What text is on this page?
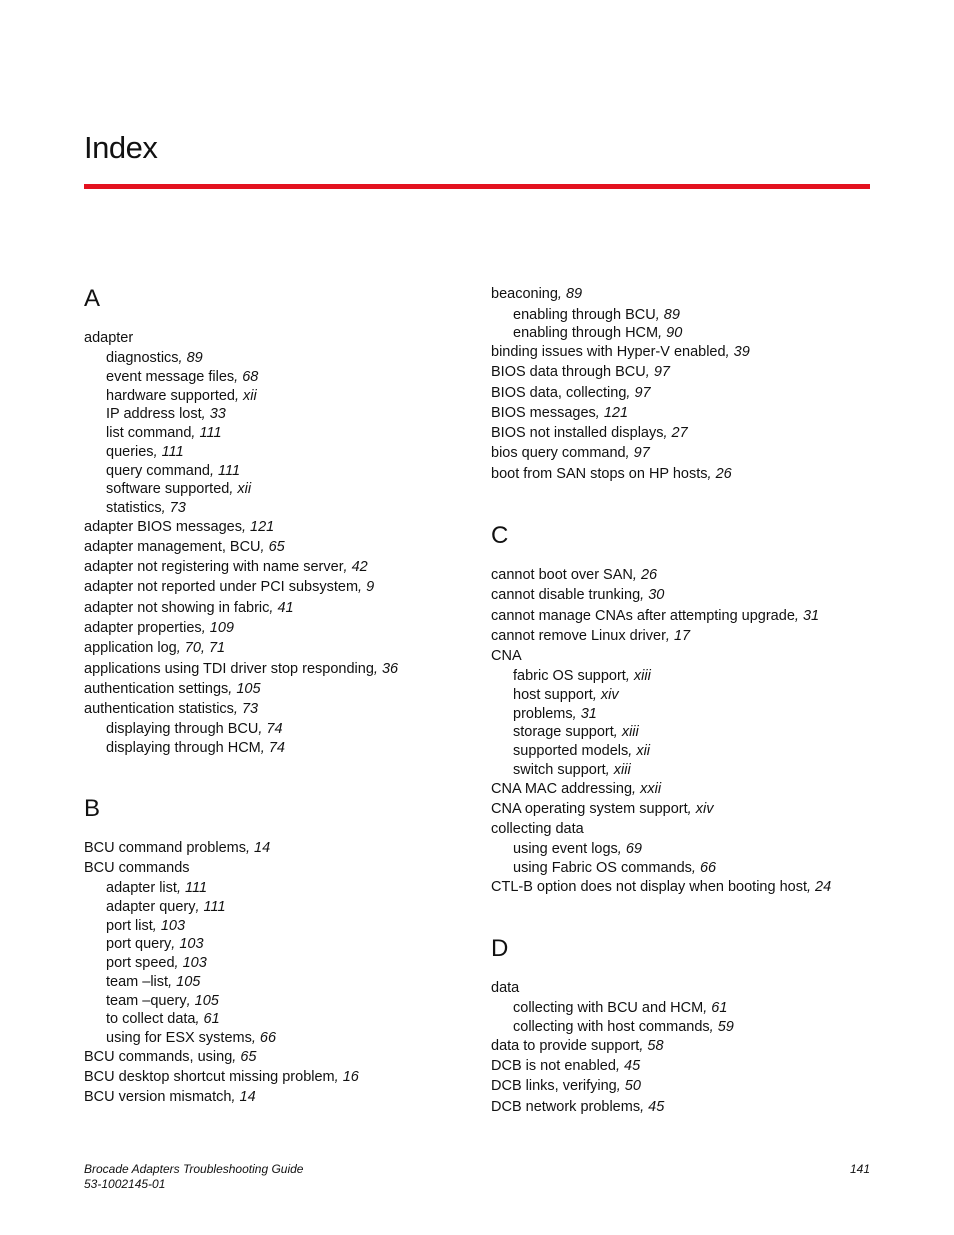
Index
A
adapter
diagnostics, 89
event message files, 68
hardware supported, xii
IP address lost, 33
list command, 111
queries, 111
query command, 111
software supported, xii
statistics, 73
adapter BIOS messages, 121
adapter management, BCU, 65
adapter not registering with name server, 42
adapter not reported under PCI subsystem, 9
adapter not showing in fabric, 41
adapter properties, 109
application log, 70, 71
applications using TDI driver stop responding, 36
authentication settings, 105
authentication statistics, 73
displaying through BCU, 74
displaying through HCM, 74
B
BCU command problems, 14
BCU commands
adapter list, 111
adapter query, 111
port list, 103
port query, 103
port speed, 103
team –list, 105
team –query, 105
to collect data, 61
using for ESX systems, 66
BCU commands, using, 65
BCU desktop shortcut missing problem, 16
BCU version mismatch, 14
beaconing, 89
enabling through BCU, 89
enabling through HCM, 90
binding issues with Hyper-V enabled, 39
BIOS data through BCU, 97
BIOS data, collecting, 97
BIOS messages, 121
BIOS not installed displays, 27
bios query command, 97
boot from SAN stops on HP hosts, 26
C
cannot boot over SAN, 26
cannot disable trunking, 30
cannot manage CNAs after attempting upgrade, 31
cannot remove Linux driver, 17
CNA
fabric OS support, xiii
host support, xiv
problems, 31
storage support, xiii
supported models, xii
switch support, xiii
CNA MAC addressing, xxii
CNA operating system support, xiv
collecting data
using event logs, 69
using Fabric OS commands, 66
CTL-B option does not display when booting host, 24
D
data
collecting with BCU and HCM, 61
collecting with host commands, 59
data to provide support, 58
DCB is not enabled, 45
DCB links, verifying, 50
DCB network problems, 45
Brocade Adapters Troubleshooting Guide
53-1002145-01
141
